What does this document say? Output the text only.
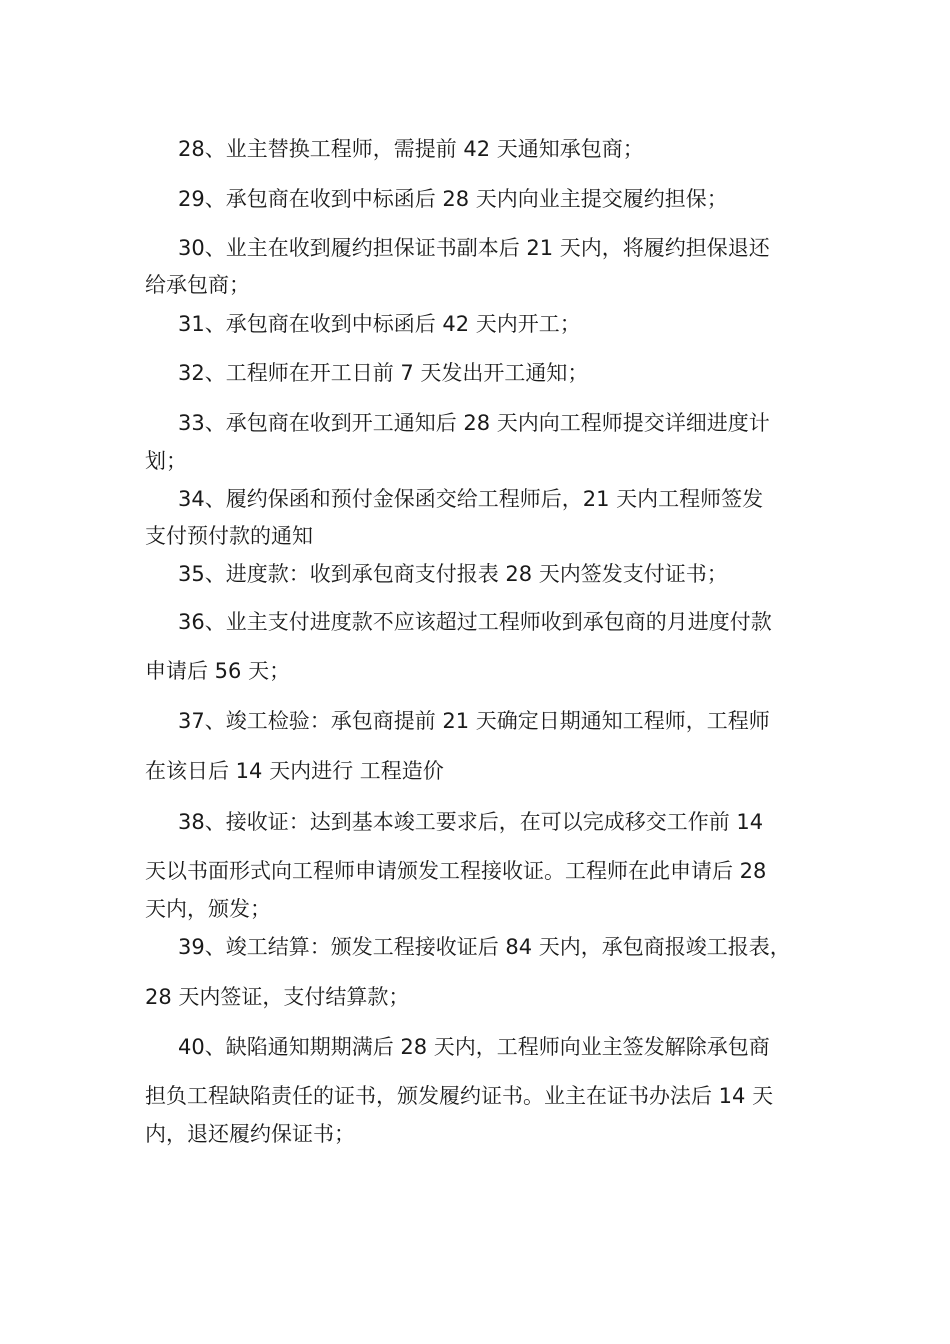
28、业主替换工程师，需提前 42 天通知承包商；
29、承包商在收到中标函后 28 天内向业主提交履约担保；
30、业主在收到履约担保证书副本后 21 天内，将履约担保退还
给承包商；
31、承包商在收到中标函后 42 天内开工；
32、工程师在开工日前 7 天发出开工通知；
33、承包商在收到开工通知后 28 天内向工程师提交详细进度计
划；
34、履约保函和预付金保函交给工程师后，21 天内工程师签发
支付预付款的通知
35、进度款：收到承包商支付报表 28 天内签发支付证书；
36、业主支付进度款不应该超过工程师收到承包商的月进度付款
申请后 56 天；
37、竣工检验：承包商提前 21 天确定日期通知工程师，工程师
在该日后 14 天内进行 工程造价
38、接收证：达到基本竣工要求后，在可以完成移交工作前 14
天以书面形式向工程师申请颁发工程接收证。工程师在此申请后 28
天内，颁发；
39、竣工结算：颁发工程接收证后 84 天内，承包商报竣工报表，
28 天内签证，支付结算款；
40、缺陷通知期期满后 28 天内，工程师向业主签发解除承包商
担负工程缺陷责任的证书，颁发履约证书。业主在证书办法后 14 天
内，退还履约保证书；
